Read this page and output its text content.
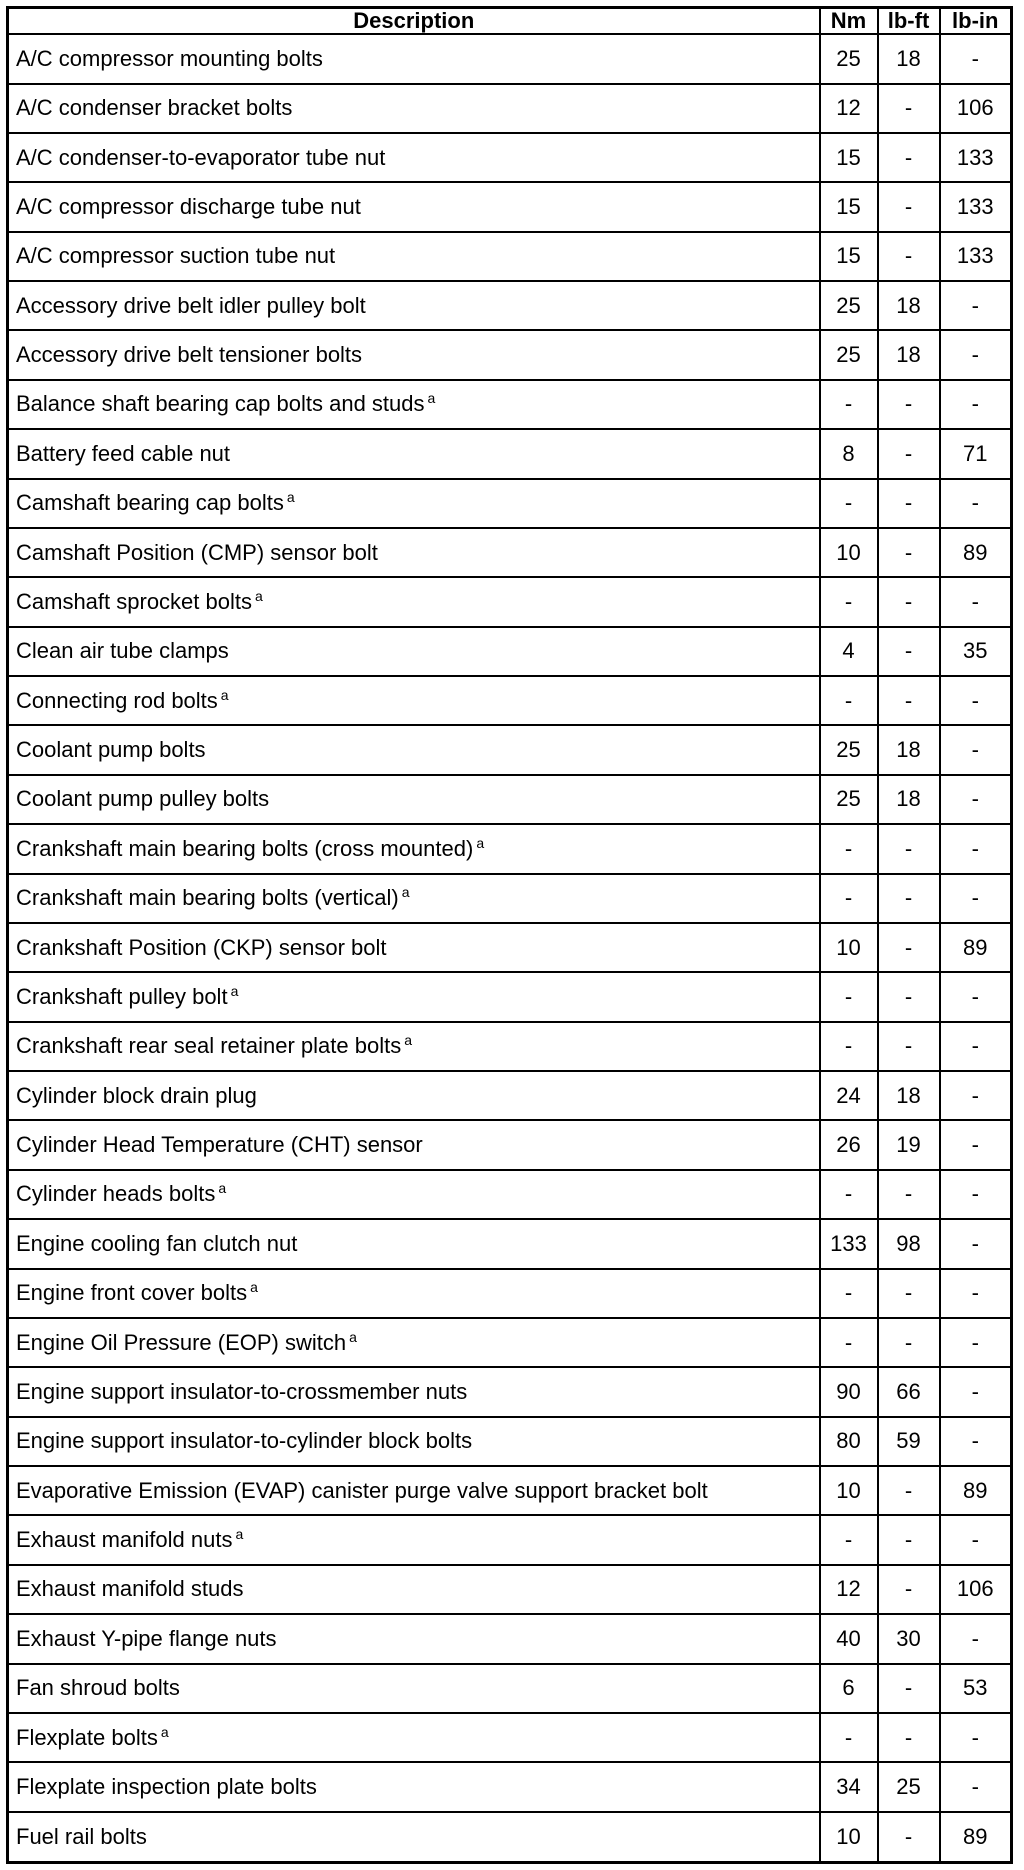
Description	Nm	lb-ft	lb-in
A/C compressor mounting bolts	25	18	-
A/C condenser bracket bolts	12	-	106
A/C condenser-to-evaporator tube nut	15	-	133
A/C compressor discharge tube nut	15	-	133
A/C compressor suction tube nut	15	-	133
Accessory drive belt idler pulley bolt	25	18	-
Accessory drive belt tensioner bolts	25	18	-
Balance shaft bearing cap bolts and studs $^a$	-	-	-
Battery feed cable nut	8	-	71
Camshaft bearing cap bolts $^a$	-	-	-
Camshaft Position (CMP) sensor bolt	10	-	89
Camshaft sprocket bolts $^a$	-	-	-
Clean air tube clamps	4	-	35
Connecting rod bolts $^a$	-	-	-
Coolant pump bolts	25	18	-
Coolant pump pulley bolts	25	18	-
Crankshaft main bearing bolts (cross mounted) $^a$	-	-	-
Crankshaft main bearing bolts (vertical) $^a$	-	-	-
Crankshaft Position (CKP) sensor bolt	10	-	89
Crankshaft pulley bolt $^a$	-	-	-
Crankshaft rear seal retainer plate bolts $^a$	-	-	-
Cylinder block drain plug	24	18	-
Cylinder Head Temperature (CHT) sensor	26	19	-
Cylinder heads bolts $^a$	-	-	-
Engine cooling fan clutch nut	133	98	-
Engine front cover bolts $^a$	-	-	-
Engine Oil Pressure (EOP) switch $^a$	-	-	-
Engine support insulator-to-crossmember nuts	90	66	-
Engine support insulator-to-cylinder block bolts	80	59	-
Evaporative Emission (EVAP) canister purge valve support bracket bolt	10	-	89
Exhaust manifold nuts $^a$	-	-	-
Exhaust manifold studs	12	-	106
Exhaust Y-pipe flange nuts	40	30	-
Fan shroud bolts	6	-	53
Flexplate bolts $^a$	-	-	-
Flexplate inspection plate bolts	34	25	-
Fuel rail bolts	10	-	89
